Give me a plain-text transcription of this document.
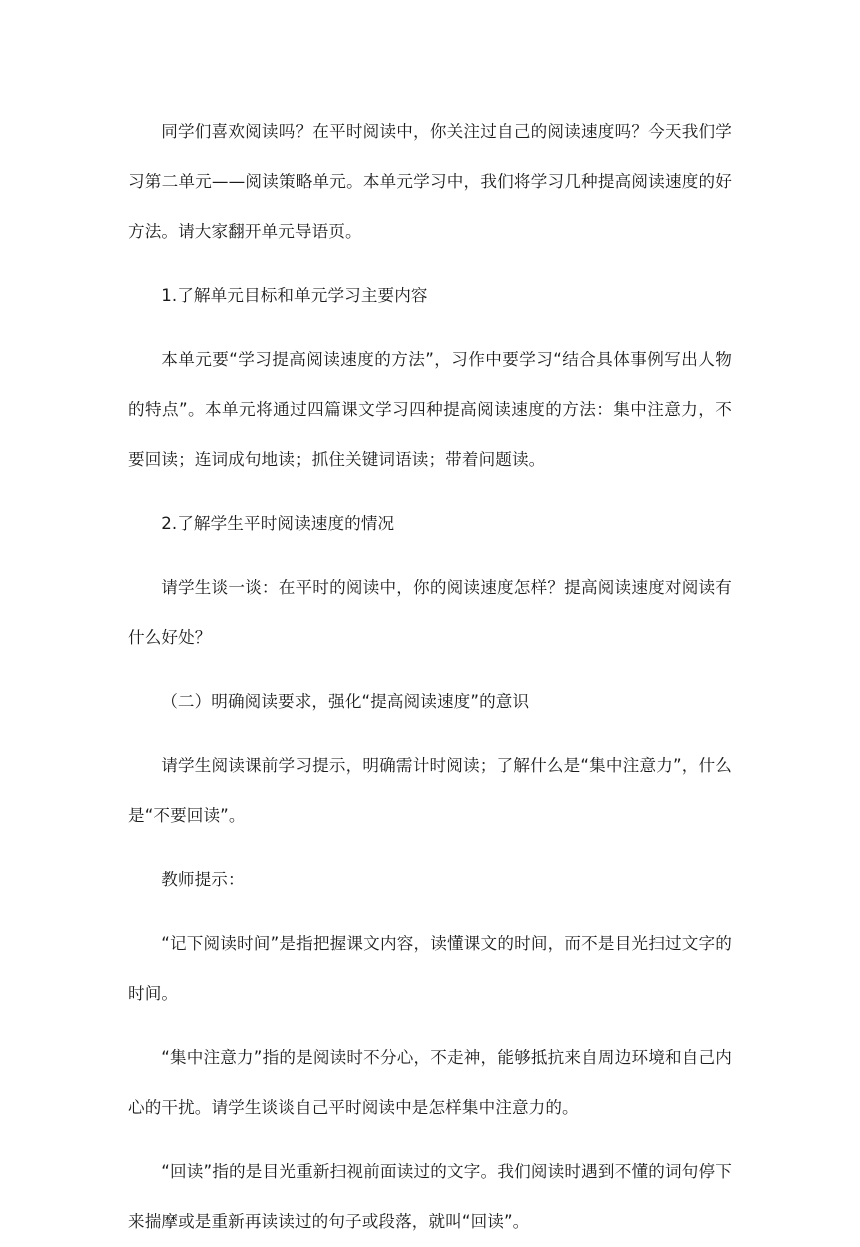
同学们喜欢阅读吗？在平时阅读中，你关注过自己的阅读速度吗？今天我们学习第二单元——阅读策略单元。本单元学习中，我们将学习几种提高阅读速度的好方法。请大家翻开单元导语页。

1.了解单元目标和单元学习主要内容

本单元要“学习提高阅读速度的方法”，习作中要学习“结合具体事例写出人物的特点”。本单元将通过四篇课文学习四种提高阅读速度的方法：集中注意力，不要回读；连词成句地读；抓住关键词语读；带着问题读。

2.了解学生平时阅读速度的情况

请学生谈一谈：在平时的阅读中，你的阅读速度怎样？提高阅读速度对阅读有什么好处？

（二）明确阅读要求，强化“提高阅读速度”的意识

请学生阅读课前学习提示，明确需计时阅读；了解什么是“集中注意力”，什么是“不要回读”。

教师提示：

“记下阅读时间”是指把握课文内容，读懂课文的时间，而不是目光扫过文字的时间。

“集中注意力”指的是阅读时不分心，不走神，能够抵抗来自周边环境和自己内心的干扰。请学生谈谈自己平时阅读中是怎样集中注意力的。

“回读”指的是目光重新扫视前面读过的文字。我们阅读时遇到不懂的词句停下来揣摩或是重新再读读过的句子或段落，就叫“回读”。
